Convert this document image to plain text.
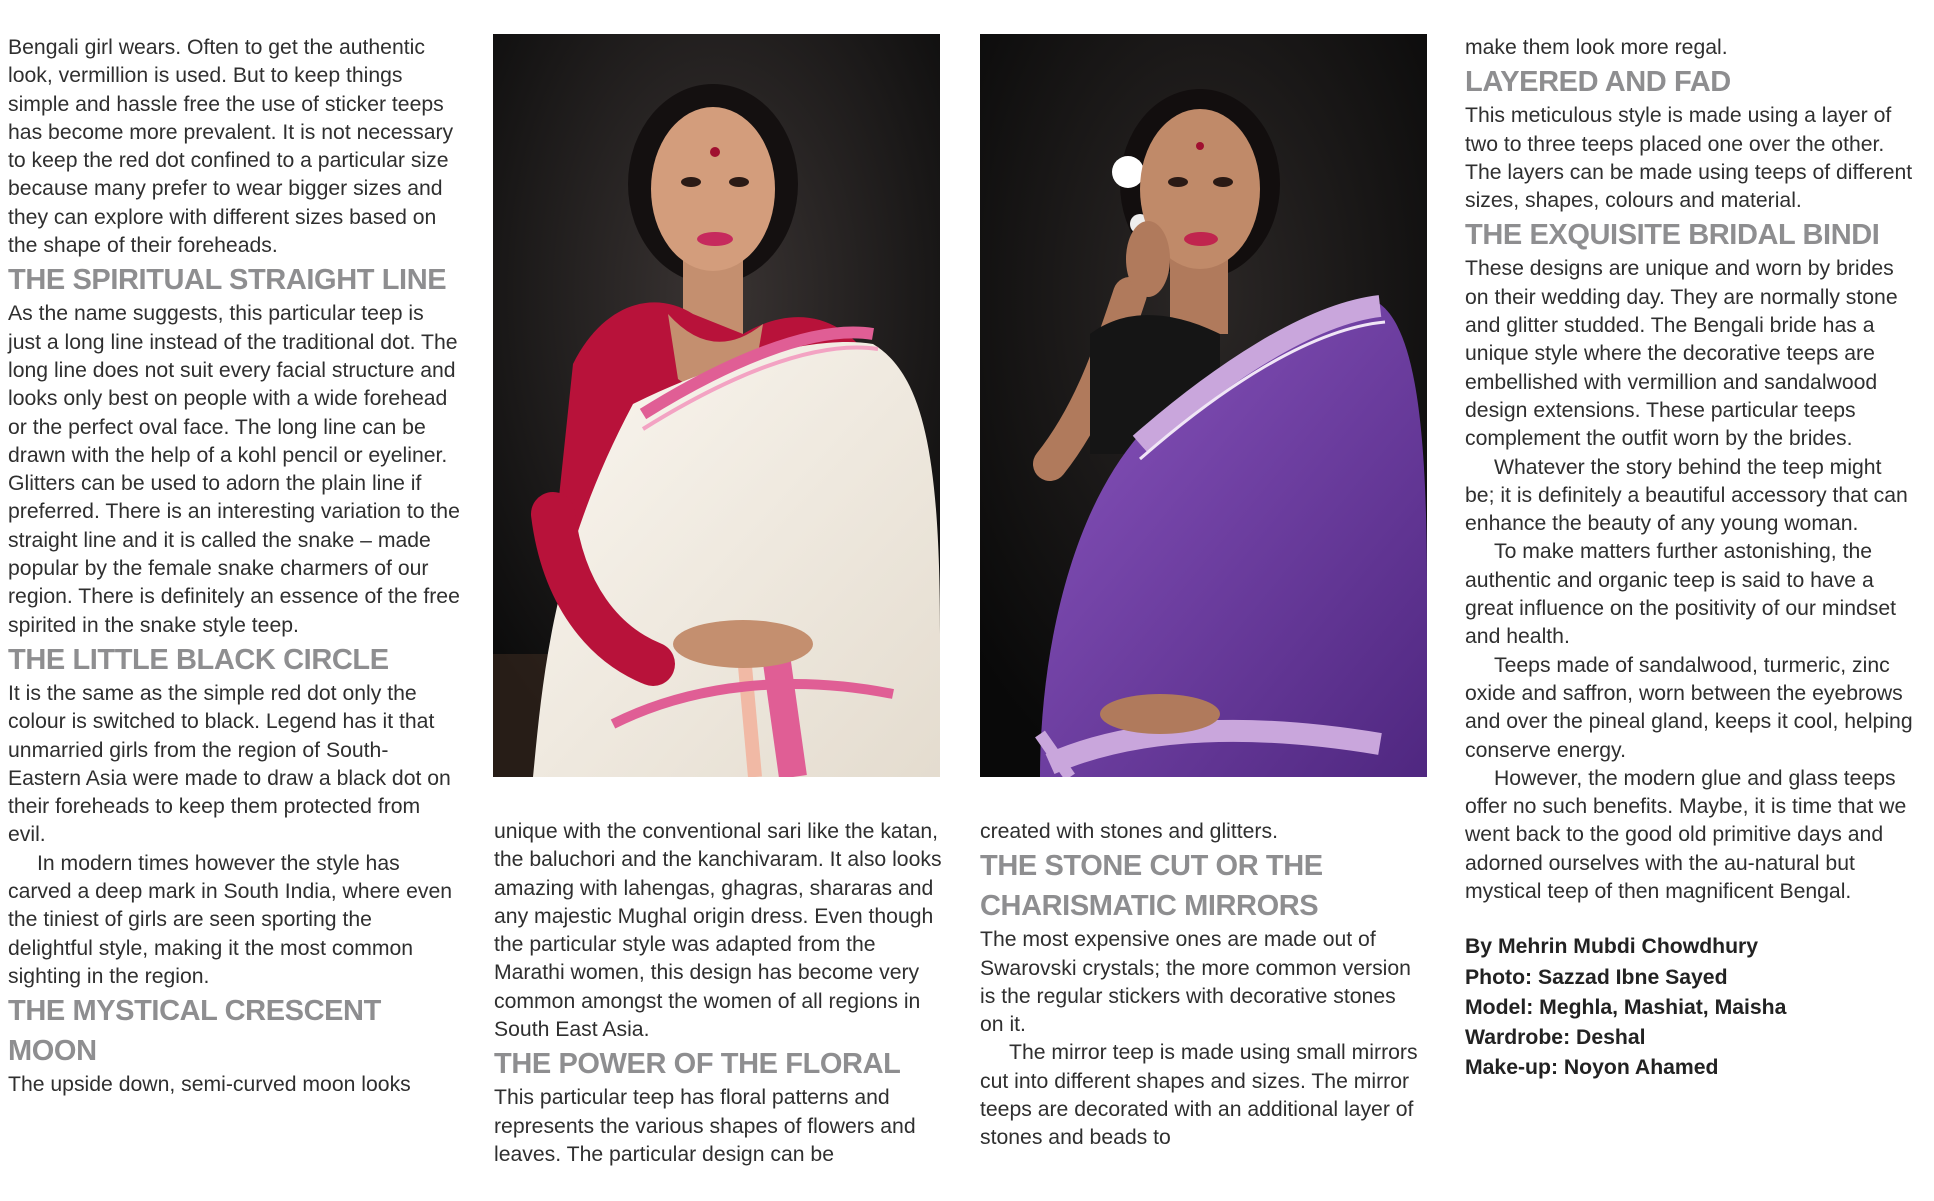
Bengali girl wears. Often to get the authentic look, vermillion is used. But to keep things simple and hassle free the use of sticker teeps has become more prevalent. It is not necessary to keep the red dot confined to a particular size because many prefer to wear bigger sizes and they can explore with different sizes based on the shape of their foreheads.

THE SPIRITUAL STRAIGHT LINE

As the name suggests, this particular teep is just a long line instead of the traditional dot. The long line does not suit every facial structure and looks only best on people with a wide forehead or the perfect oval face. The long line can be drawn with the help of a kohl pencil or eyeliner. Glitters can be used to adorn the plain line if preferred. There is an interesting variation to the straight line and it is called the snake – made popular by the female snake charmers of our region. There is definitely an essence of the free spirited in the snake style teep.

THE LITTLE BLACK CIRCLE

It is the same as the simple red dot only the colour is switched to black. Legend has it that unmarried girls from the region of South-Eastern Asia were made to draw a black dot on their foreheads to keep them protected from evil.

In modern times however the style has carved a deep mark in South India, where even the tiniest of girls are seen sporting the delightful style, making it the most common sighting in the region.

THE MYSTICAL CRESCENT MOON

The upside down, semi-curved moon looks

unique with the conventional sari like the katan, the baluchori and the kanchivaram. It also looks amazing with lahengas, ghagras, shararas and any majestic Mughal origin dress. Even though the particular style was adapted from the Marathi women, this design has become very common amongst the women of all regions in South East Asia.

THE POWER OF THE FLORAL

This particular teep has floral patterns and represents the various shapes of flowers and leaves. The particular design can be

created with stones and glitters.

THE STONE CUT OR THE CHARISMATIC MIRRORS

The most expensive ones are made out of Swarovski crystals; the more common version is the regular stickers with decorative stones on it.

The mirror teep is made using small mirrors cut into different shapes and sizes. The mirror teeps are decorated with an additional layer of stones and beads to

make them look more regal.

LAYERED AND FAD

This meticulous style is made using a layer of two to three teeps placed one over the other. The layers can be made using teeps of different sizes, shapes, colours and material.

THE EXQUISITE BRIDAL BINDI

These designs are unique and worn by brides on their wedding day. They are normally stone and glitter studded. The Bengali bride has a unique style where the decorative teeps are embellished with vermillion and sandalwood design extensions. These particular teeps complement the outfit worn by the brides.

Whatever the story behind the teep might be; it is definitely a beautiful accessory that can enhance the beauty of any young woman.

To make matters further astonishing, the authentic and organic teep is said to have a great influence on the positivity of our mindset and health.

Teeps made of sandalwood, turmeric, zinc oxide and saffron, worn between the eyebrows and over the pineal gland, keeps it cool, helping conserve energy.

However, the modern glue and glass teeps offer no such benefits. Maybe, it is time that we went back to the good old primitive days and adorned ourselves with the au-natural but mystical teep of then magnificent Bengal.

By Mehrin Mubdi Chowdhury

Photo: Sazzad Ibne Sayed

Model: Meghla, Mashiat, Maisha

Wardrobe: Deshal

Make-up: Noyon Ahamed
